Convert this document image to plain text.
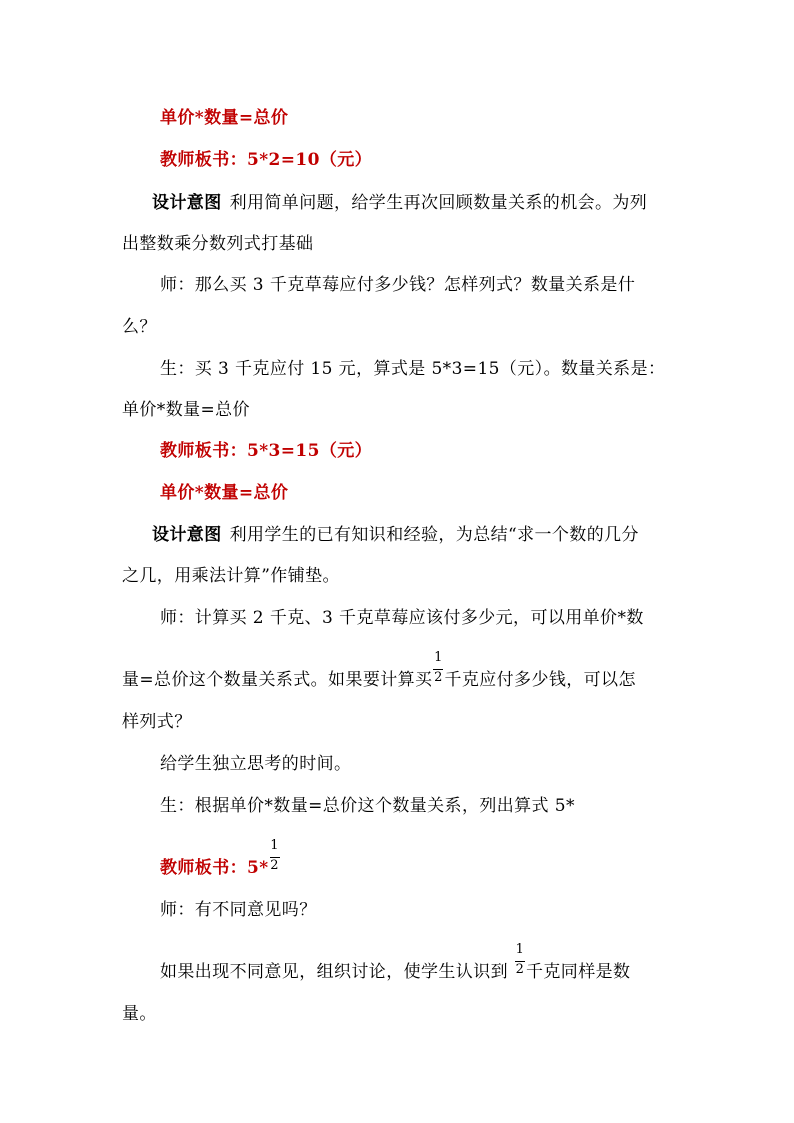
单价*数量=总价
教师板书：5*2=10（元）
设计意图 利用简单问题，给学生再次回顾数量关系的机会。为列
出整数乘分数列式打基础
师：那么买 3 千克草莓应付多少钱？怎样列式？数量关系是什
么？
生：买 3 千克应付 15 元，算式是 5*3=15（元）。数量关系是：
单价*数量=总价
教师板书：5*3=15（元）
单价*数量=总价
设计意图 利用学生的已有知识和经验，为总结“求一个数的几分
之几，用乘法计算”作铺垫。
师：计算买 2 千克、3 千克草莓应该付多少元，可以用单价*数
量=总价这个数量关系式。如果要计算买 $\frac{1}{2}$ 千克应付多少钱，可以怎
样列式？
给学生独立思考的时间。
生：根据单价*数量=总价这个数量关系，列出算式 5*
教师板书：$5* \frac{1}{2}$
师：有不同意见吗？
如果出现不同意见，组织讨论，使学生认识到 $\frac{1}{2}$ 千克同样是数
量。
